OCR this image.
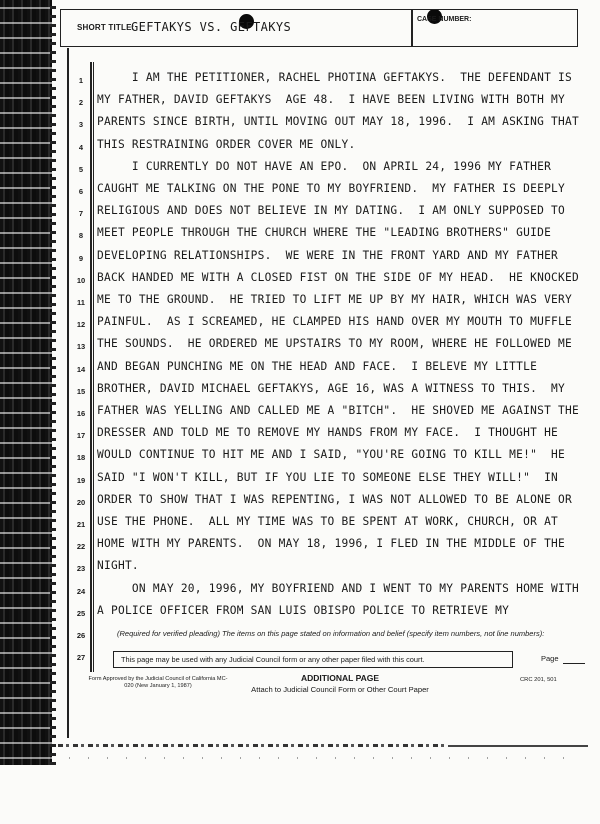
SHORT TITLE:
GEFTAKYS VS. GEFTAKYS
CASE NUMBER:
1	I AM THE PETITIONER, RACHEL PHOTINA GEFTAKYS.  THE DEFENDANT IS
2	MY FATHER, DAVID GEFTAKYS  AGE 48.  I HAVE BEEN LIVING WITH BOTH MY
3	PARENTS SINCE BIRTH, UNTIL MOVING OUT MAY 18, 1996.  I AM ASKING THAT
4	THIS RESTRAINING ORDER COVER ME ONLY.
5	I CURRENTLY DO NOT HAVE AN EPO.  ON APRIL 24, 1996 MY FATHER
6	CAUGHT ME TALKING ON THE PONE TO MY BOYFRIEND.  MY FATHER IS DEEPLY
7	RELIGIOUS AND DOES NOT BELIEVE IN MY DATING.  I AM ONLY SUPPOSED TO
8	MEET PEOPLE THROUGH THE CHURCH WHERE THE "LEADING BROTHERS" GUIDE
9	DEVELOPING RELATIONSHIPS.  WE WERE IN THE FRONT YARD AND MY FATHER
10	BACK HANDED ME WITH A CLOSED FIST ON THE SIDE OF MY HEAD.  HE KNOCKED
11	ME TO THE GROUND.  HE TRIED TO LIFT ME UP BY MY HAIR, WHICH WAS VERY
12	PAINFUL.  AS I SCREAMED, HE CLAMPED HIS HAND OVER MY MOUTH TO MUFFLE
13	THE SOUNDS.  HE ORDERED ME UPSTAIRS TO MY ROOM, WHERE HE FOLLOWED ME
14	AND BEGAN PUNCHING ME ON THE HEAD AND FACE.  I BELEVE MY LITTLE
15	BROTHER, DAVID MICHAEL GEFTAKYS, AGE 16, WAS A WITNESS TO THIS.  MY
16	FATHER WAS YELLING AND CALLED ME A "BITCH".  HE SHOVED ME AGAINST THE
17	DRESSER AND TOLD ME TO REMOVE MY HANDS FROM MY FACE.  I THOUGHT HE
18	WOULD CONTINUE TO HIT ME AND I SAID, "YOU'RE GOING TO KILL ME!"  HE
19	SAID "I WON'T KILL, BUT IF YOU LIE TO SOMEONE ELSE THEY WILL!"  IN
20	ORDER TO SHOW THAT I WAS REPENTING, I WAS NOT ALLOWED TO BE ALONE OR
21	USE THE PHONE.  ALL MY TIME WAS TO BE SPENT AT WORK, CHURCH, OR AT
22	HOME WITH MY PARENTS.  ON MAY 18, 1996, I FLED IN THE MIDDLE OF THE
23	NIGHT.
24	ON MAY 20, 1996, MY BOYFRIEND AND I WENT TO MY PARENTS HOME WITH
25	A POLICE OFFICER FROM SAN LUIS OBISPO POLICE TO RETRIEVE MY
26
27
(Required for verified pleading) The items on this page stated on information and belief (specify item numbers, not line numbers):
This page may be used with any Judicial Council form or any other paper filed with this court.	Page
Form Approved by the Judicial Council of California MC-020 (New January 1, 1987)
ADDITIONAL PAGE
Attach to Judicial Council Form or Other Court Paper
CRC 201, 501
